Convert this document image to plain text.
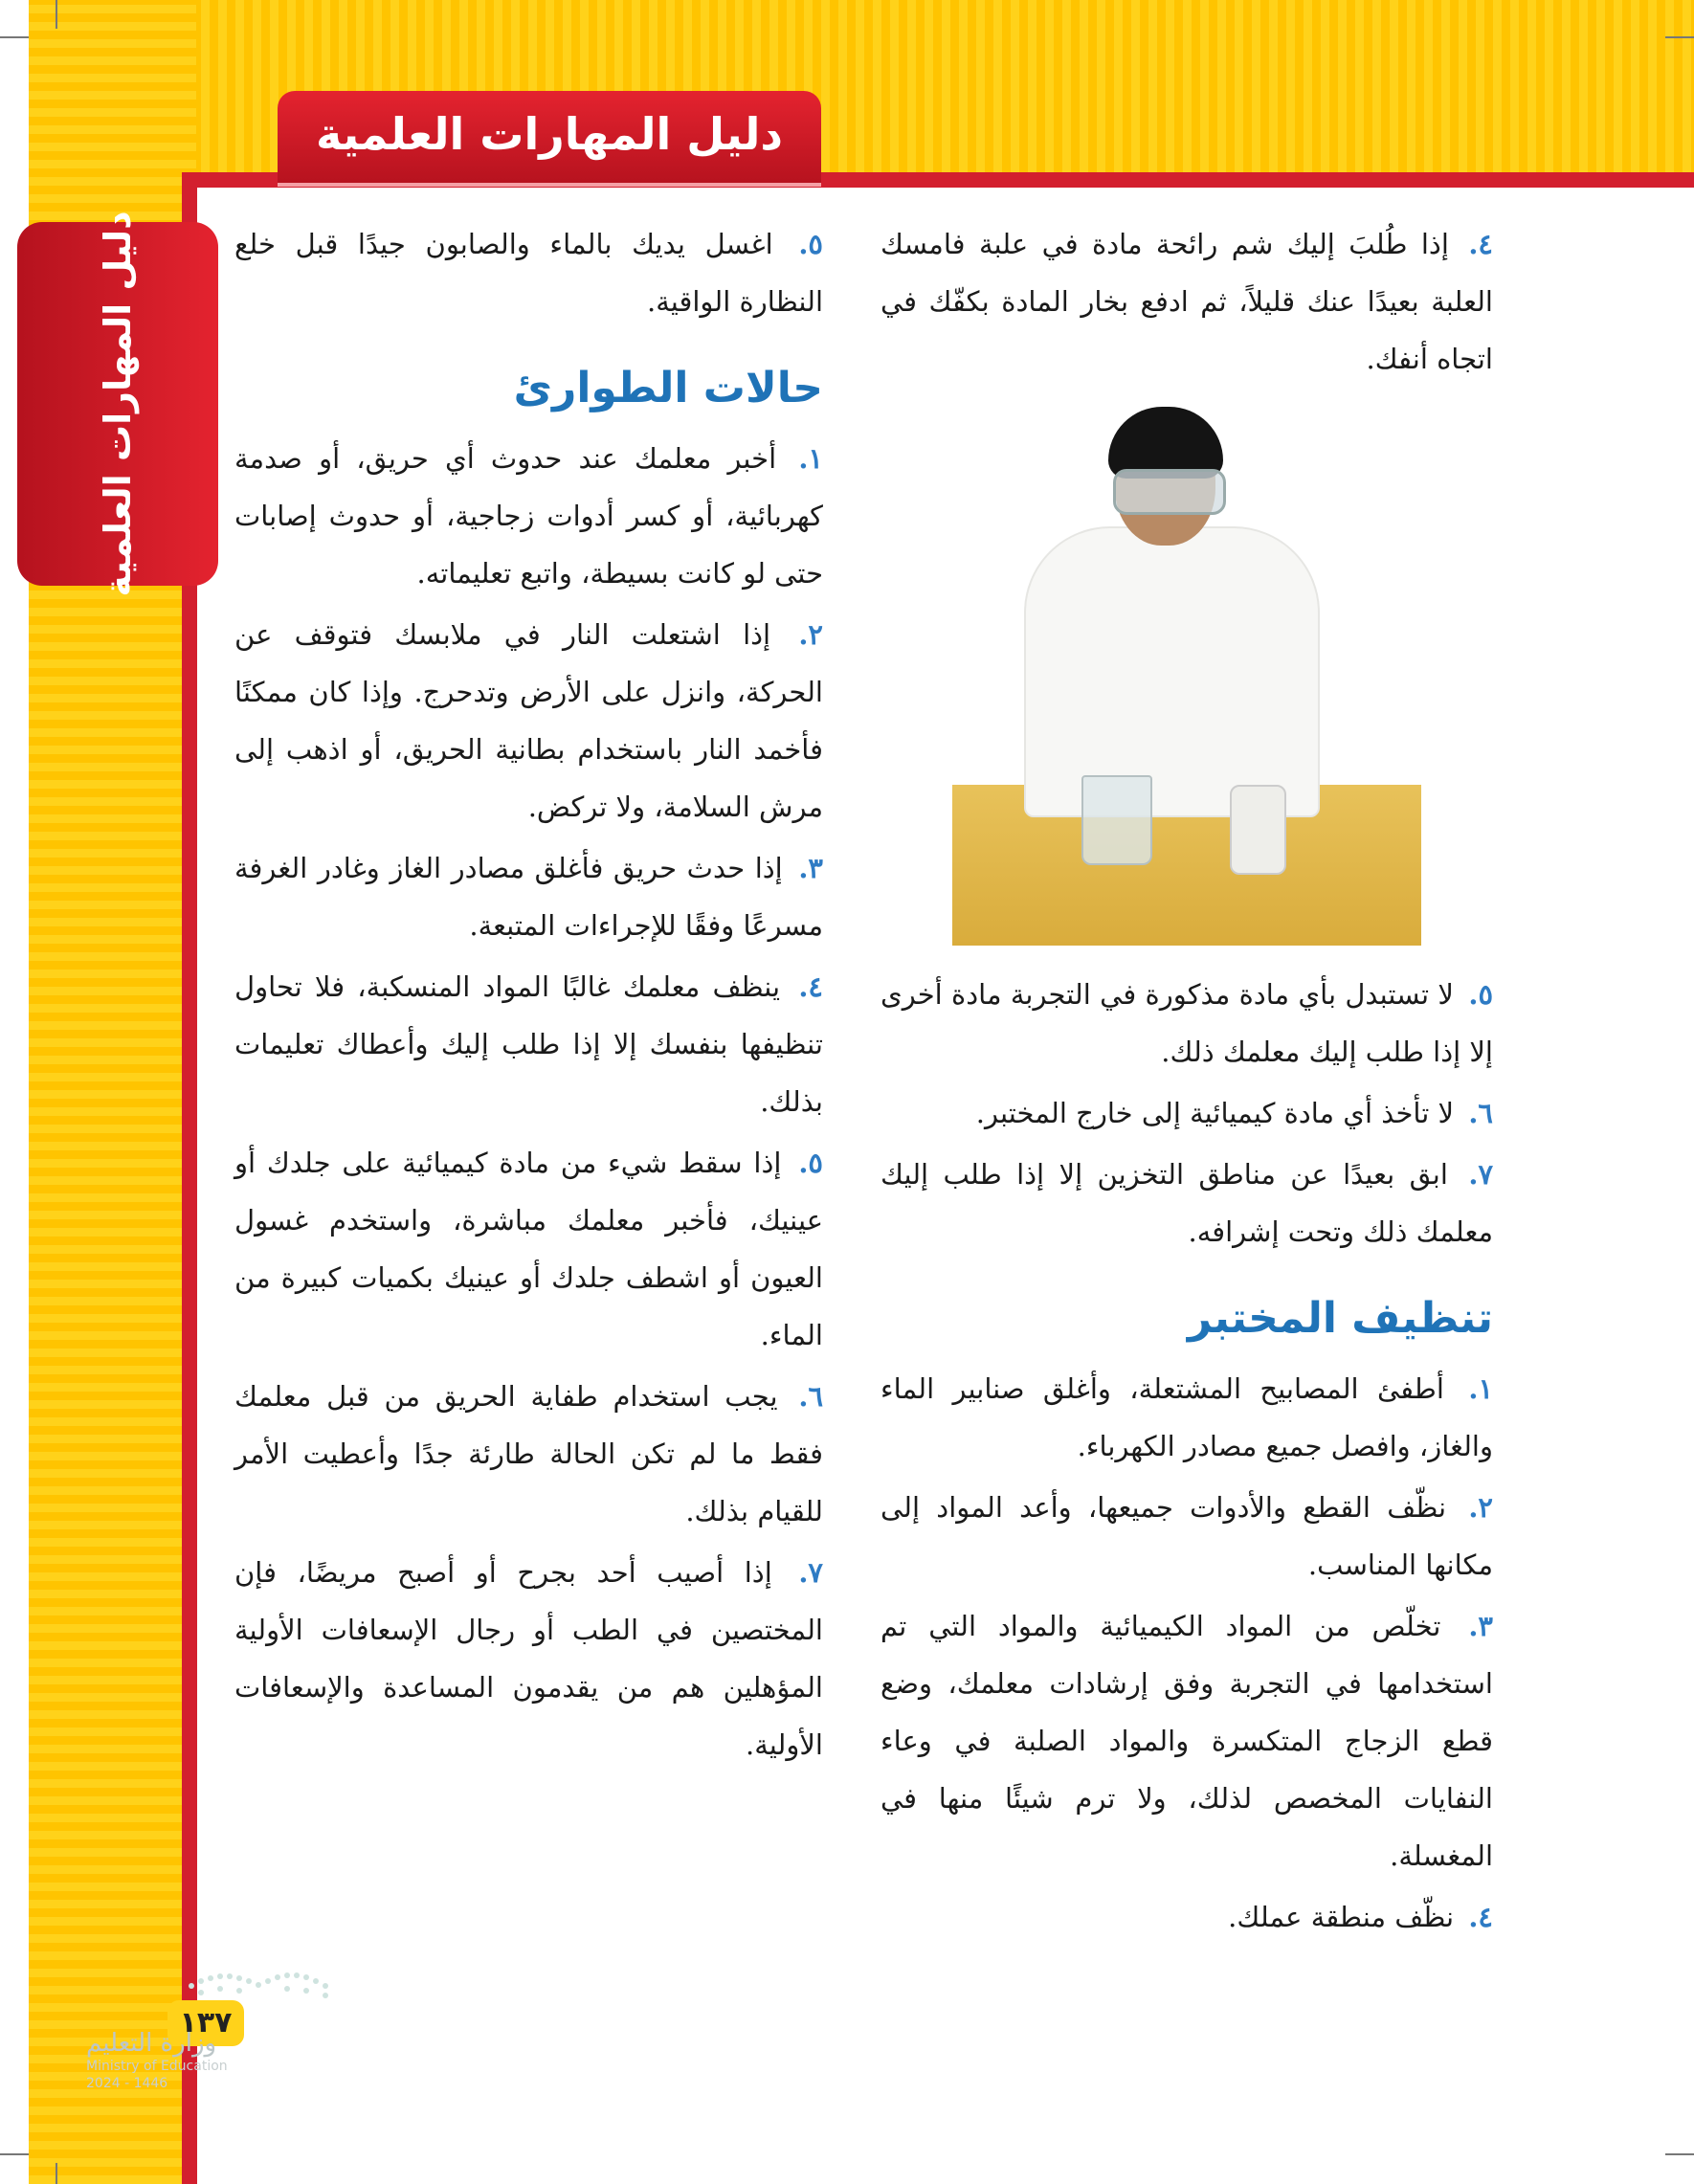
دليل المهارات العلمية
دليل المهارات العلمية	٤. إذا طُلبَ إليك شم رائحة مادة في علبة فامسك العلبة بعيدًا عنك قليلاً، ثم ادفع بخار المادة بكفّك في اتجاه أنفك.
٥. لا تستبدل بأي مادة مذكورة في التجربة مادة أخرى إلا إذا طلب إليك معلمك ذلك.
٦. لا تأخذ أي مادة كيميائية إلى خارج المختبر.
٧. ابق بعيدًا عن مناطق التخزين إلا إذا طلب إليك معلمك ذلك وتحت إشرافه.
تنظيف المختبر
١. أطفئ المصابيح المشتعلة، وأغلق صنابير الماء والغاز، وافصل جميع مصادر الكهرباء.
٢. نظّف القطع والأدوات جميعها، وأعد المواد إلى مكانها المناسب.
٣. تخلّص من المواد الكيميائية والمواد التي تم استخدامها في التجربة وفق إرشادات معلمك، وضع قطع الزجاج المتكسرة والمواد الصلبة في وعاء النفايات المخصص لذلك، ولا ترم شيئًا منها في المغسلة.
٤. نظّف منطقة عملك.
٥. اغسل يديك بالماء والصابون جيدًا قبل خلع النظارة الواقية.
حالات الطوارئ
١. أخبر معلمك عند حدوث أي حريق، أو صدمة كهربائية، أو كسر أدوات زجاجية، أو حدوث إصابات حتى لو كانت بسيطة، واتبع تعليماته.
٢. إذا اشتعلت النار في ملابسك فتوقف عن الحركة، وانزل على الأرض وتدحرج. وإذا كان ممكنًا فأخمد النار باستخدام بطانية الحريق، أو اذهب إلى مرش السلامة، ولا تركض.
٣. إذا حدث حريق فأغلق مصادر الغاز وغادر الغرفة مسرعًا وفقًا للإجراءات المتبعة.
٤. ينظف معلمك غالبًا المواد المنسكبة، فلا تحاول تنظيفها بنفسك إلا إذا طلب إليك وأعطاك تعليمات بذلك.
٥. إذا سقط شيء من مادة كيميائية على جلدك أو عينيك، فأخبر معلمك مباشرة، واستخدم غسول العيون أو اشطف جلدك أو عينيك بكميات كبيرة من الماء.
٦. يجب استخدام طفاية الحريق من قبل معلمك فقط ما لم تكن الحالة طارئة جدًا وأعطيت الأمر للقيام بذلك.
٧. إذا أصيب أحد بجرح أو أصبح مريضًا، فإن المختصين في الطب أو رجال الإسعافات الأولية المؤهلين هم من يقدمون المساعدة والإسعافات الأولية.
١٣٧
وزارة التعليم
Ministry of Education
2024 - 1446
